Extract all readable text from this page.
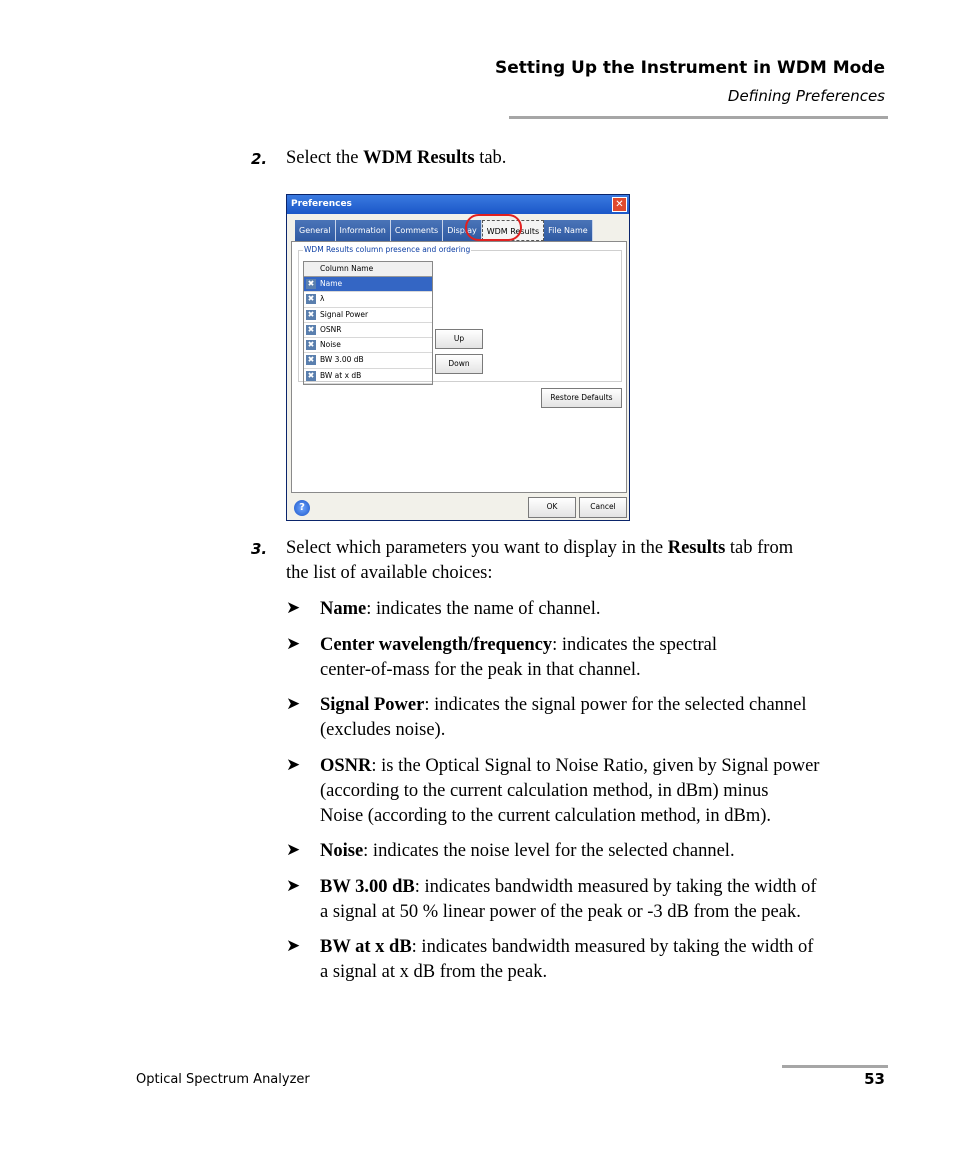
Setting Up the Instrument in WDM Mode
Defining Preferences
2. Select the WDM Results tab.
Preferences	✕
General	Information	Comments	Display	WDM Results	File Name
WDM Results column presence and ordering
Column Name
✖ Name
✖ λ
✖ Signal Power
✖ OSNR
✖ Noise
✖ BW 3.00 dB
✖ BW at x dB
Up
Down
Restore Defaults
?	OK	Cancel
3. Select which parameters you want to display in the Results tab from
the list of available choices:
➤ Name: indicates the name of channel.
➤ Center wavelength/frequency: indicates the spectral
center-of-mass for the peak in that channel.
➤ Signal Power: indicates the signal power for the selected channel
(excludes noise).
➤ OSNR: is the Optical Signal to Noise Ratio, given by Signal power
(according to the current calculation method, in dBm) minus
Noise (according to the current calculation method, in dBm).
➤ Noise: indicates the noise level for the selected channel.
➤ BW 3.00 dB: indicates bandwidth measured by taking the width of
a signal at 50 % linear power of the peak or -3 dB from the peak.
➤ BW at x dB: indicates bandwidth measured by taking the width of
a signal at x dB from the peak.
Optical Spectrum Analyzer	53
